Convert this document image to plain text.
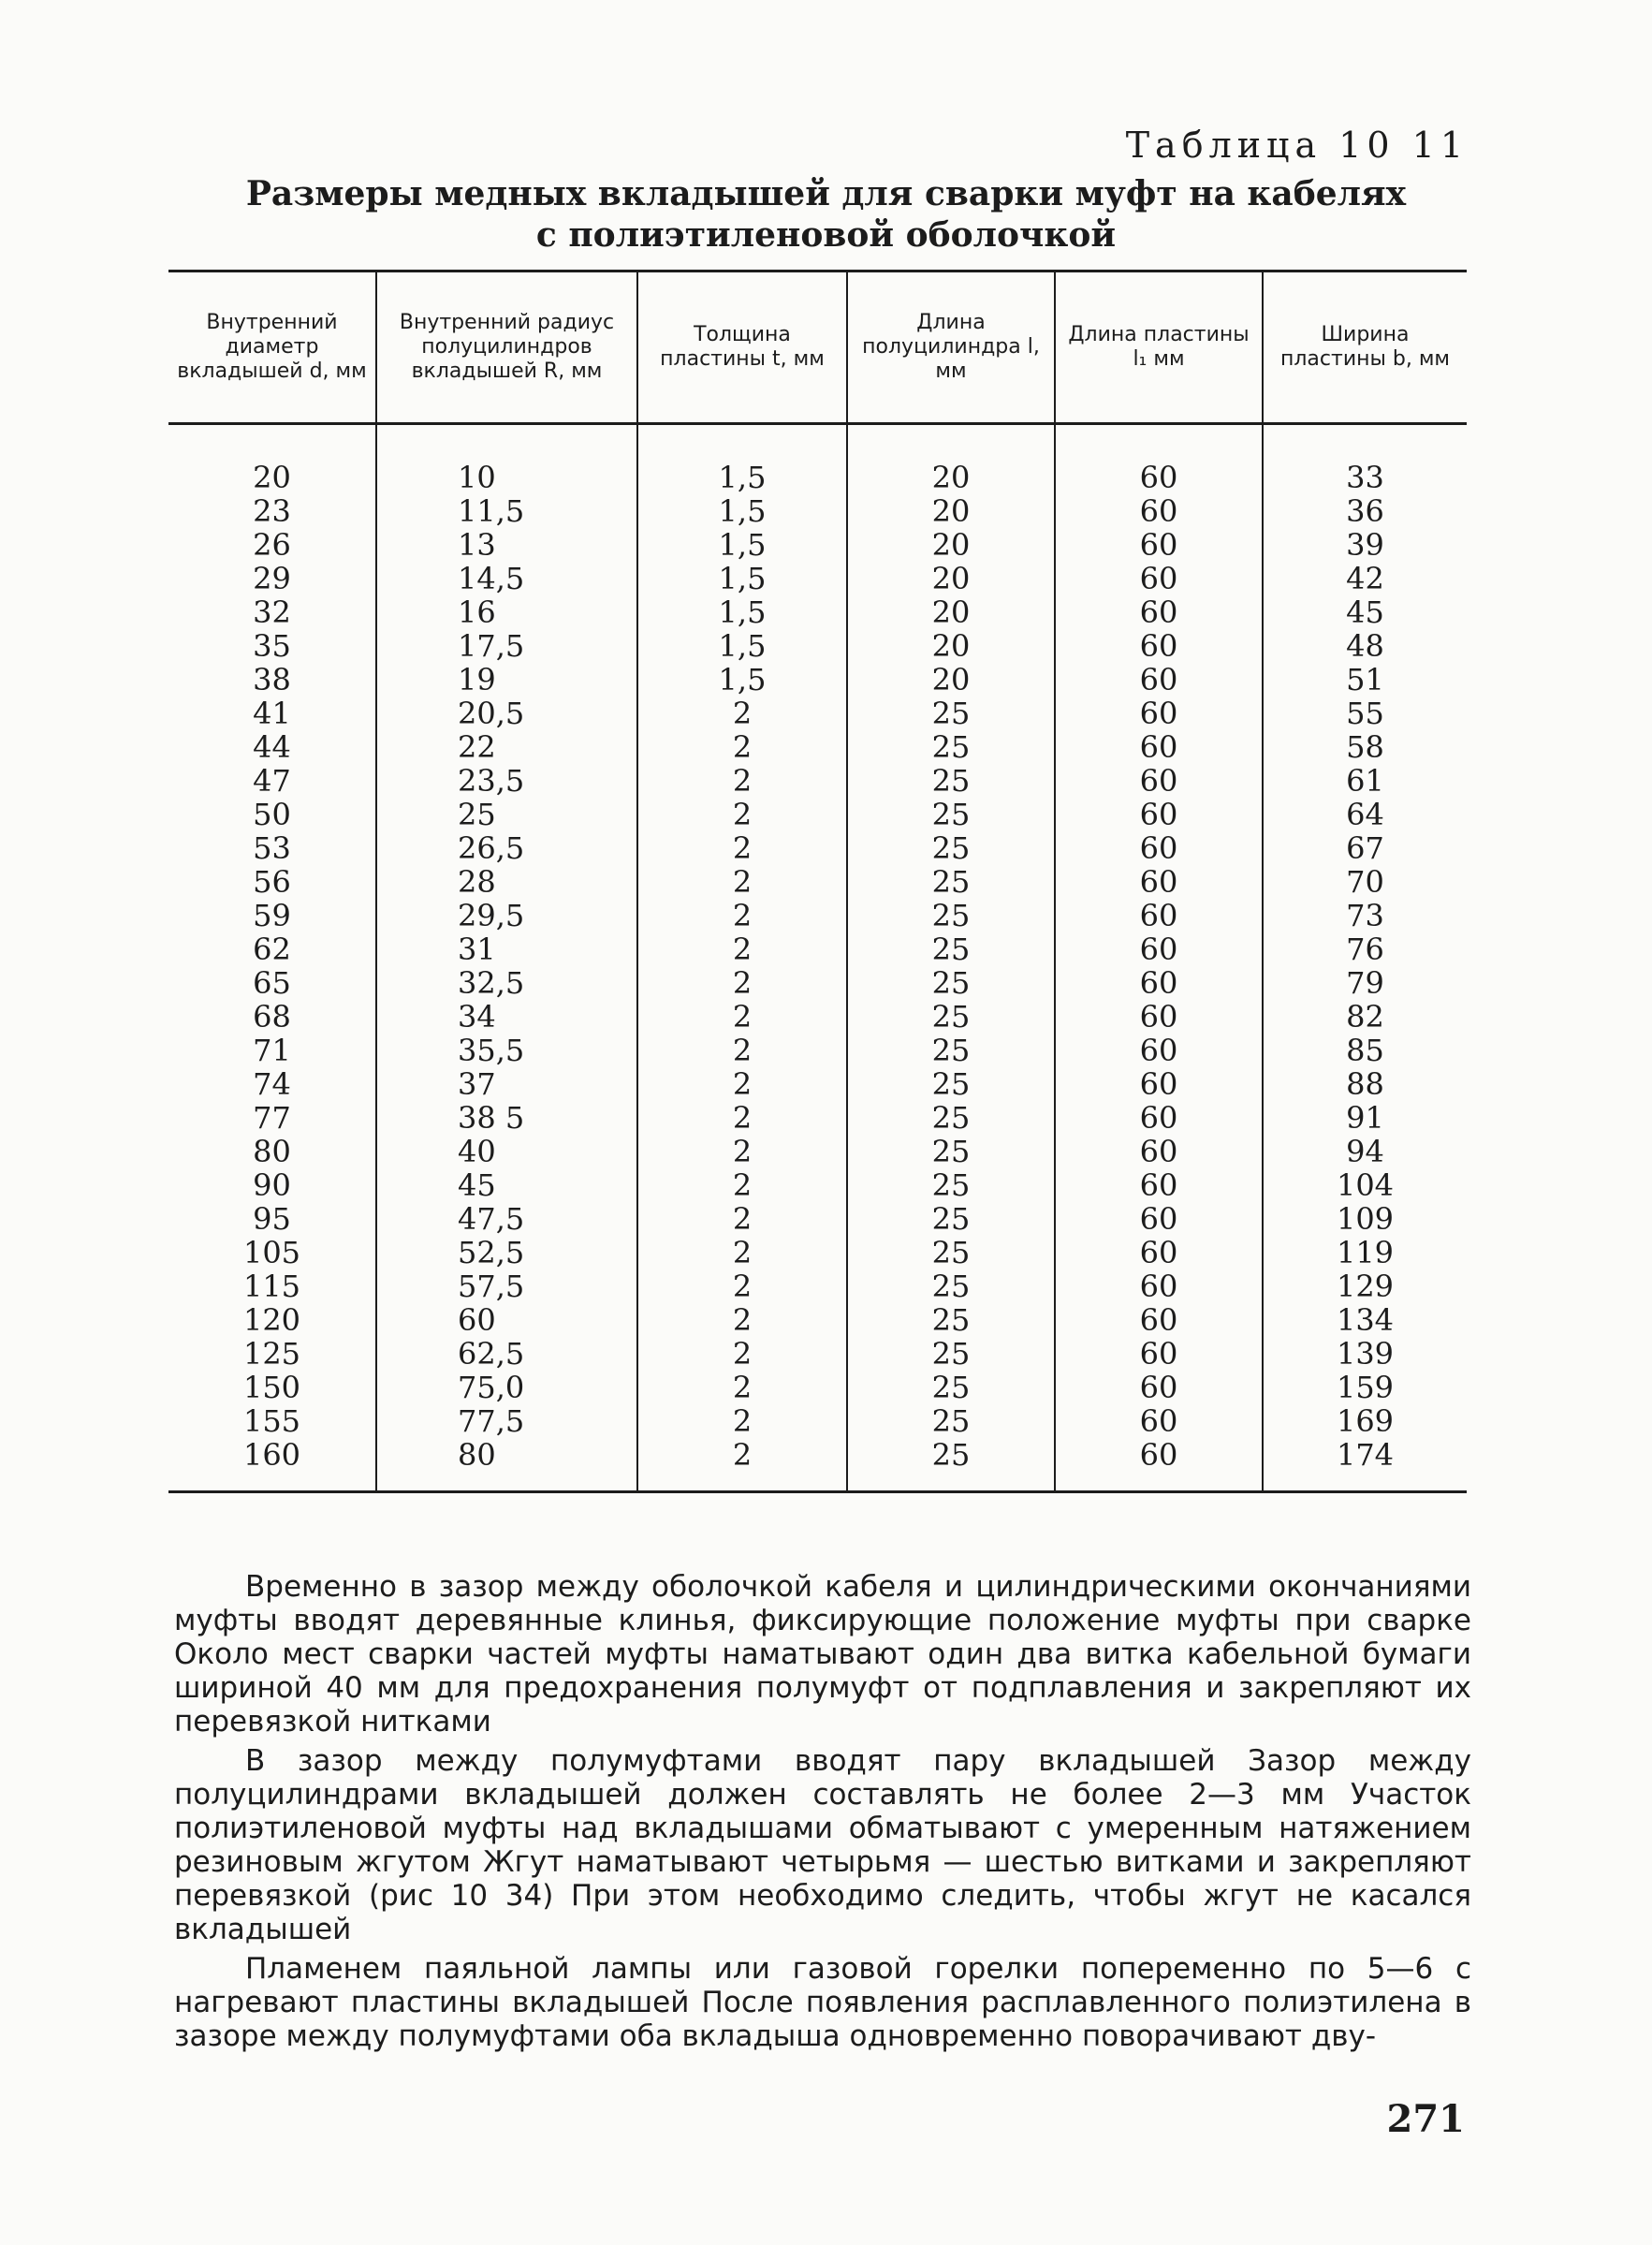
Таблица 10 11
Размеры медных вкладышей для сварки муфт на кабелях
с полиэтиленовой оболочкой
Внутренний диаметр вкладышей d, мм	Внутренний радиус полуцилиндров вкладышей R, мм	Толщина пластины t, мм	Длина полуцилиндра l, мм	Длина пластины l₁ мм	Ширина пластины b, мм
20	10	1,5	20	60	33
23	11,5	1,5	20	60	36
26	13	1,5	20	60	39
29	14,5	1,5	20	60	42
32	16	1,5	20	60	45
35	17,5	1,5	20	60	48
38	19	1,5	20	60	51
41	20,5	2	25	60	55
44	22	2	25	60	58
47	23,5	2	25	60	61
50	25	2	25	60	64
53	26,5	2	25	60	67
56	28	2	25	60	70
59	29,5	2	25	60	73
62	31	2	25	60	76
65	32,5	2	25	60	79
68	34	2	25	60	82
71	35,5	2	25	60	85
74	37	2	25	60	88
77	38 5	2	25	60	91
80	40	2	25	60	94
90	45	2	25	60	104
95	47,5	2	25	60	109
105	52,5	2	25	60	119
115	57,5	2	25	60	129
120	60	2	25	60	134
125	62,5	2	25	60	139
150	75,0	2	25	60	159
155	77,5	2	25	60	169
160	80	2	25	60	174

Временно в зазор между оболочкой кабеля и цилиндрическими окончаниями муфты вводят деревянные клинья, фиксирующие положение муфты при сварке Около мест сварки частей муфты наматывают один два витка кабельной бумаги шириной 40 мм для предохранения полумуфт от подплавления и закрепляют их перевязкой нитками

В зазор между полумуфтами вводят пару вкладышей Зазор между полуцилиндрами вкладышей должен составлять не более 2—3 мм Участок полиэтиленовой муфты над вкладышами обматывают с умеренным натяжением резиновым жгутом Жгут наматывают четырьмя — шестью витками и закрепляют перевязкой (рис 10 34) При этом необходимо следить, чтобы жгут не касался вкладышей

Пламенем паяльной лампы или газовой горелки попеременно по 5—6 с нагревают пластины вкладышей После появления расплавленного полиэтилена в зазоре между полумуфтами оба вкладыша одновременно поворачивают дву-

271
